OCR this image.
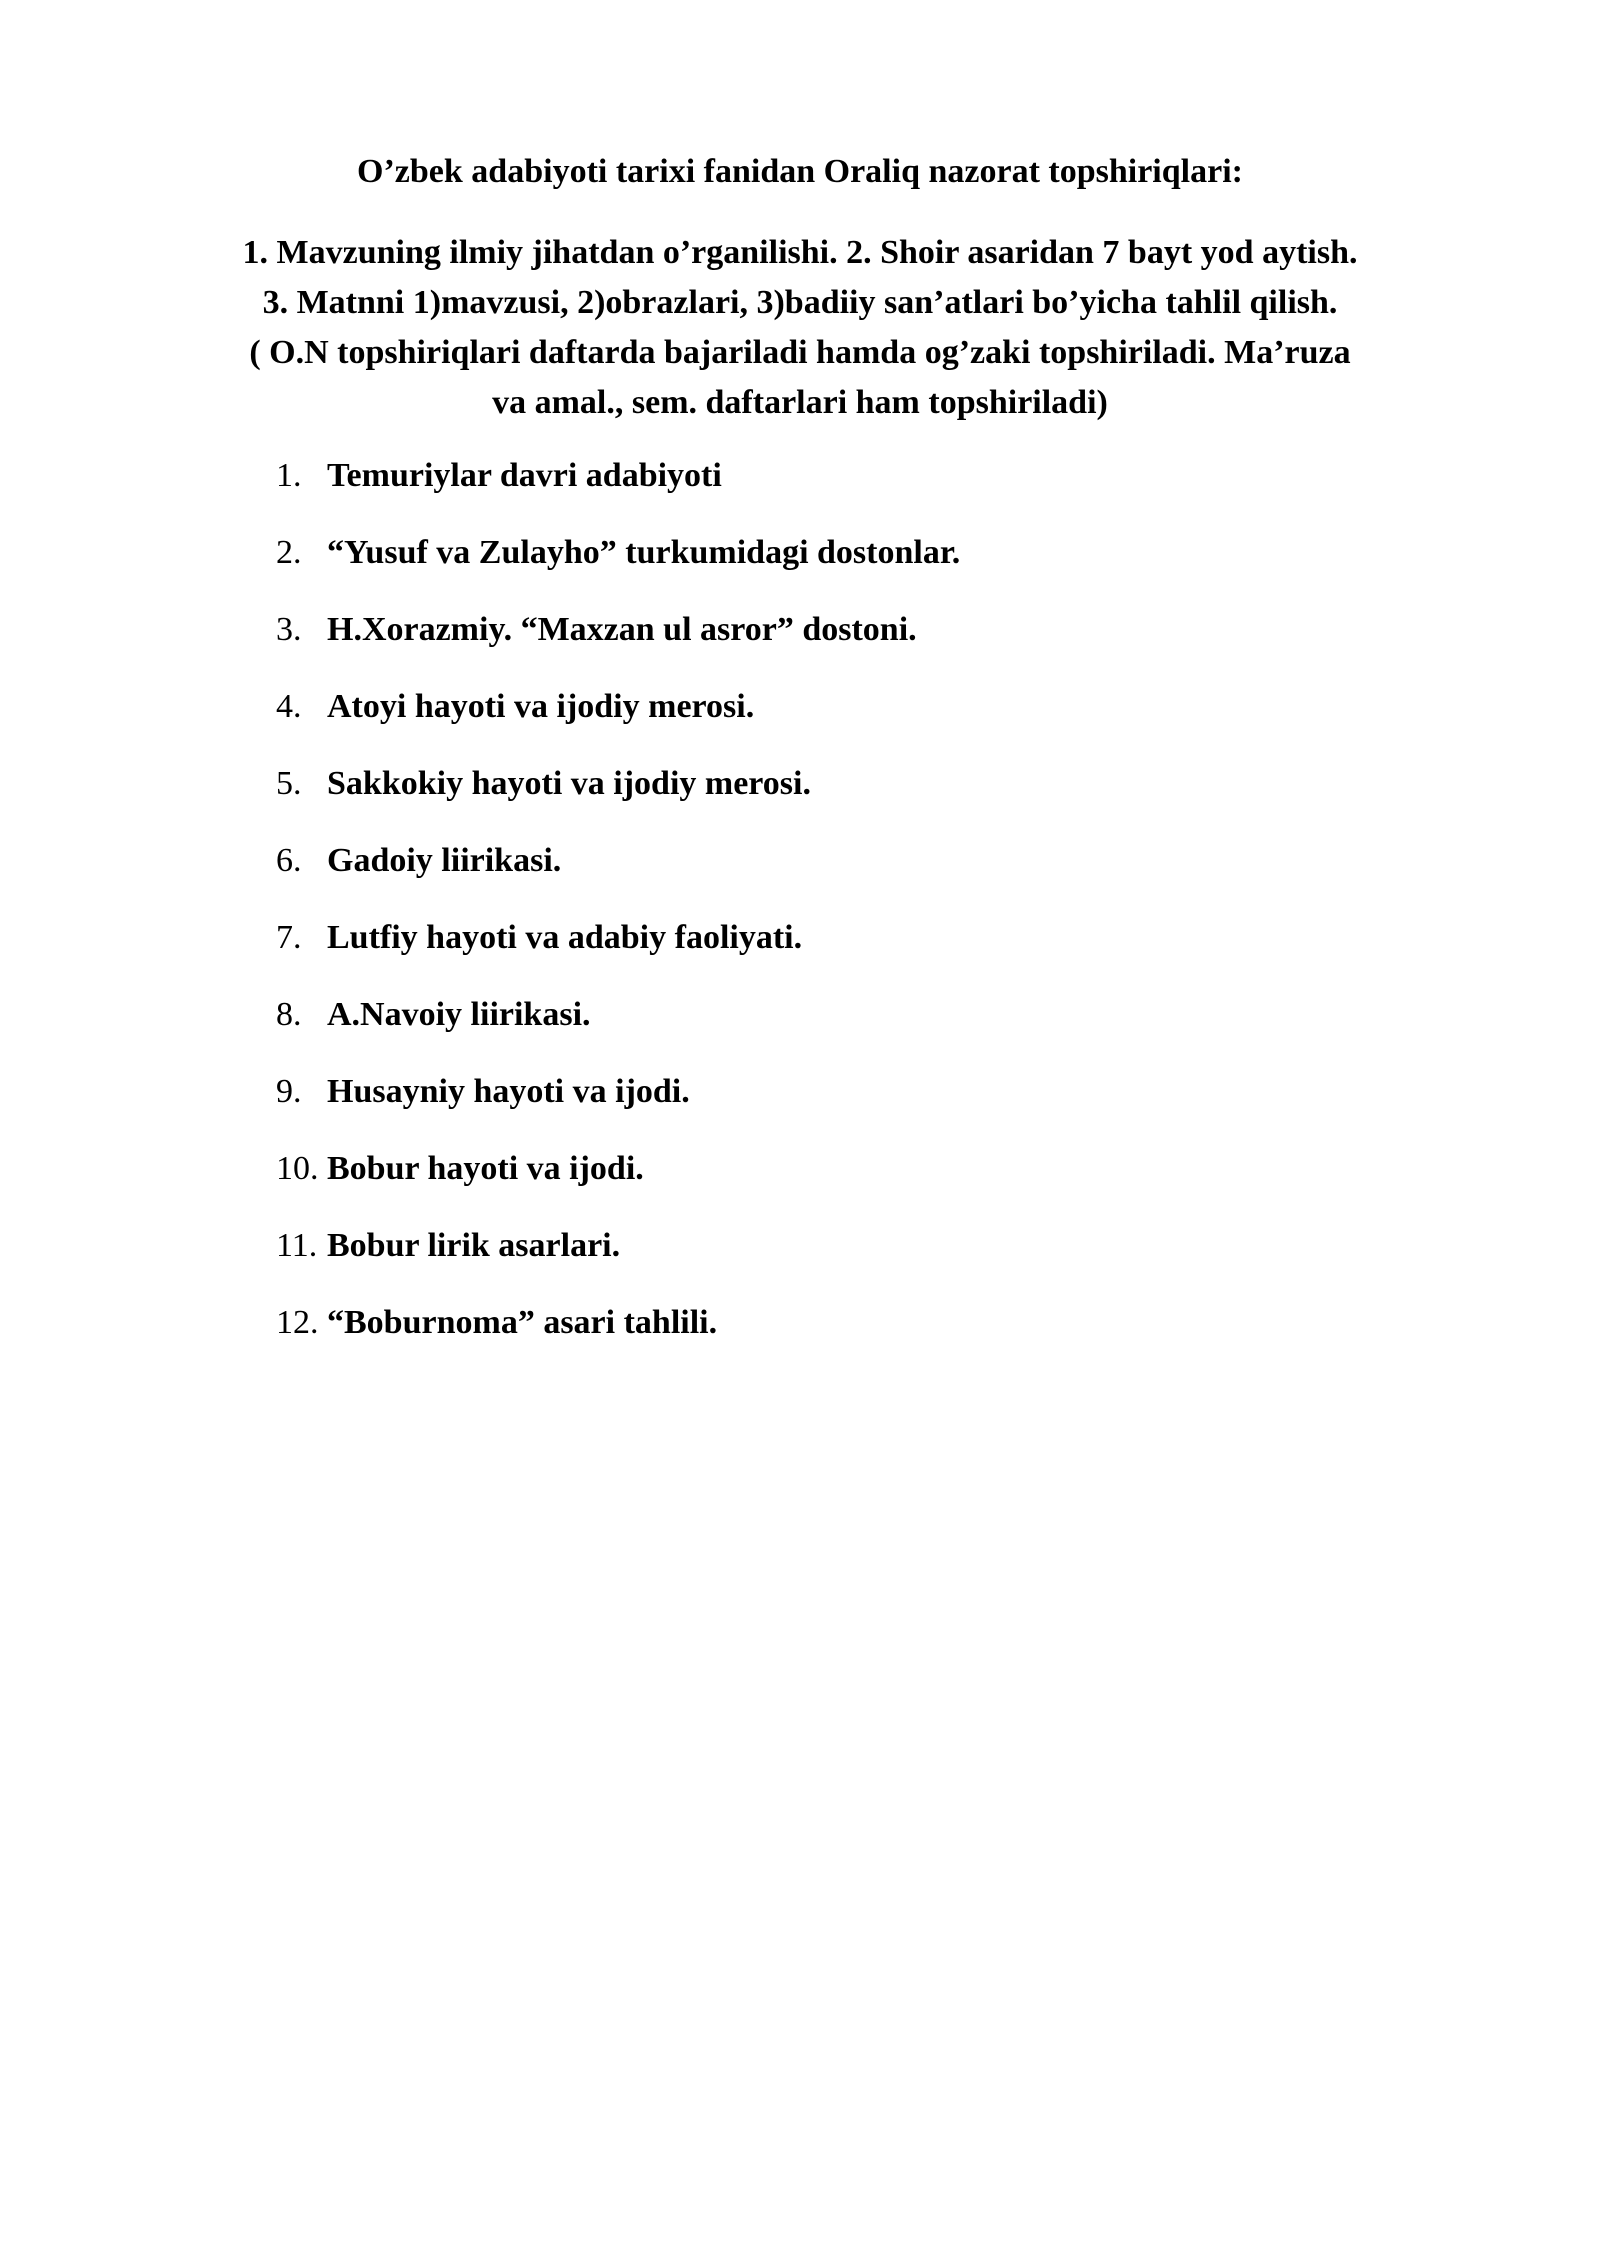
O’zbek adabiyoti tarixi fanidan Oraliq nazorat topshiriqlari:
1. Mavzuning ilmiy jihatdan o’rganilishi. 2. Shoir asaridan 7 bayt yod aytish.
3. Matnni 1)mavzusi, 2)obrazlari, 3)badiiy san’atlari bo’yicha tahlil qilish.
( O.N topshiriqlari daftarda bajariladi hamda og’zaki topshiriladi. Ma’ruza
va amal., sem. daftarlari ham topshiriladi)
1. Temuriylar davri adabiyoti
2. “Yusuf va Zulayho” turkumidagi dostonlar.
3. H.Xorazmiy. “Maxzan ul asror” dostoni.
4. Atoyi hayoti va ijodiy merosi.
5. Sakkokiy hayoti va ijodiy merosi.
6. Gadoiy liirikasi.
7. Lutfiy hayoti va adabiy faoliyati.
8. A.Navoiy liirikasi.
9. Husayniy hayoti va ijodi.
10. Bobur hayoti va ijodi.
11. Bobur lirik asarlari.
12. “Boburnoma” asari tahlili.
